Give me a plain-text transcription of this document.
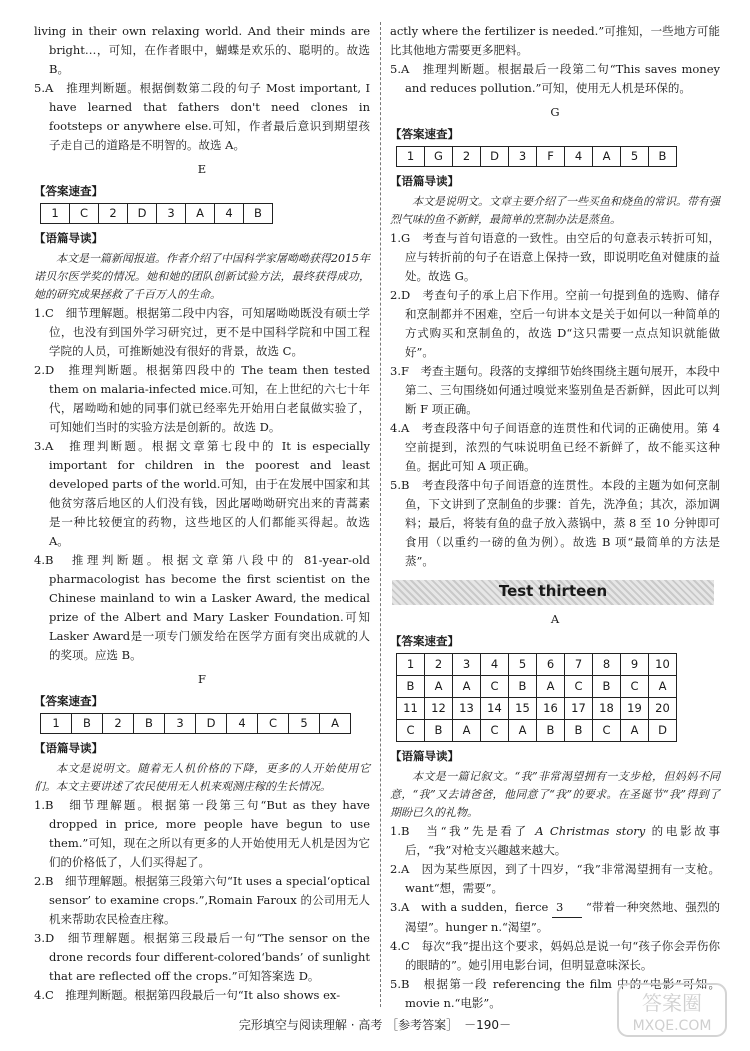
living in their own relaxing world. And their minds are bright…，可知，在作者眼中，蝴蝶是欢乐的、聪明的。故选 B。

5.A　推理判断题。根据倒数第二段的句子 Most important, I have learned that fathers don't need clones in footsteps or anywhere else.可知，作者最后意识到期望孩子走自己的道路是不明智的。故选 A。

E
【答案速查】
1	C	2	D	3	A	4	B
【语篇导读】

本文是一篇新闻报道。作者介绍了中国科学家屠呦呦获得2015年诺贝尔医学奖的情况。她和她的团队创新试验方法，最终获得成功，她的研究成果拯救了千百万人的生命。

1.C　细节理解题。根据第二段中内容，可知屠呦呦既没有硕士学位，也没有到国外学习研究过，更不是中国科学院和中国工程学院的人员，可推断她没有很好的背景，故选 C。

2.D　推理判断题。根据第四段中的 The team then tested them on malaria-infected mice.可知，在上世纪的六七十年代，屠呦呦和她的同事们就已经率先开始用白老鼠做实验了，可知她们当时的实验方法是创新的。故选 D。

3.A　推理判断题。根据文章第七段中的 It is especially important for children in the poorest and least developed parts of the world.可知，由于在发展中国家和其他贫穷落后地区的人们没有钱，因此屠呦呦研究出来的青蒿素是一种比较便宜的药物，这些地区的人们都能买得起。故选 A。

4.B　推理判断题。根据文章第八段中的 81-year-old pharmacologist has become the first scientist on the Chinese mainland to win a Lasker Award, the medical prize of the Albert and Mary Lasker Foundation.可知 Lasker Award是一项专门颁发给在医学方面有突出成就的人的奖项。应选 B。

F
【答案速查】
1	B	2	B	3	D	4	C	5	A
【语篇导读】

本文是说明文。随着无人机价格的下降，更多的人开始使用它们。本文主要讲述了农民使用无人机来观测庄稼的生长情况。

1.B　细节理解题。根据第一段第三句“But as they have dropped in price, more people have begun to use them.”可知，现在之所以有更多的人开始使用无人机是因为它们的价格低了，人们买得起了。

2.B　细节理解题。根据第三段第六句“It uses a special‘optical sensor’ to examine crops.”,Romain Faroux 的公司用无人机来帮助农民检查庄稼。

3.D　细节理解题。根据第三段最后一句“The sensor on the drone records four different-colored‘bands’ of sunlight that are reflected off the crops.”可知答案选 D。

4.C　推理判断题。根据第四段最后一句“It also shows ex-

actly where the fertilizer is needed.”可推知，一些地方可能比其他地方需要更多肥料。

5.A　推理判断题。根据最后一段第二句“This saves money and reduces pollution.”可知，使用无人机是环保的。

G
【答案速查】
1	G	2	D	3	F	4	A	5	B
【语篇导读】

本文是说明文。文章主要介绍了一些买鱼和烧鱼的常识。带有强烈气味的鱼不新鲜，最简单的烹制办法是蒸鱼。

1.G　考查与首句语意的一致性。由空后的句意表示转折可知，应与转折前的句子在语意上保持一致，即说明吃鱼对健康的益处。故选 G。

2.D　考查句子的承上启下作用。空前一句提到鱼的选购、储存和烹制都并不困难，空后一句讲本文是关于如何以一种简单的方式购买和烹制鱼的，故选 D“这只需要一点点知识就能做好”。

3.F　考查主题句。段落的支撑细节始终围绕主题句展开，本段中第二、三句围绕如何通过嗅觉来鉴别鱼是否新鲜，因此可以判断 F 项正确。

4.A　考查段落中句子间语意的连贯性和代词的正确使用。第 4 空前提到，浓烈的气味说明鱼已经不新鲜了，故不能买这种鱼。据此可知 A 项正确。

5.B　考查段落中句子间语意的连贯性。本段的主题为如何烹制鱼，下文讲到了烹制鱼的步骤：首先，洗净鱼；其次，添加调料；最后，将装有鱼的盘子放入蒸锅中，蒸 8 至 10 分钟即可食用（以重约一磅的鱼为例）。故选 B 项“最简单的方法是蒸”。

Test thirteen
A
【答案速查】
1	2	3	4	5	6	7	8	9	10
B	A	A	C	B	A	C	B	C	A
11	12	13	14	15	16	17	18	19	20
C	B	A	C	A	B	B	C	A	D
【语篇导读】

本文是一篇记叙文。“我”非常渴望拥有一支步枪，但妈妈不同意，“我”又去请爸爸，他同意了“我”的要求。在圣诞节“我”得到了期盼已久的礼物。

1.B　当“我”先是看了 A Christmas story 的电影故事后，“我”对枪支兴趣越来越大。

2.A　因为某些原因，到了十四岁，“我”非常渴望拥有一支枪。want“想，需要”。

3.A　with a sudden，fierce 3 “带着一种突然地、强烈的渴望”。hunger n.“渴望”。

4.C　每次“我”提出这个要求，妈妈总是说一句“孩子你会弄伤你的眼睛的”。她引用电影台词，但明显意味深长。

5.B　根据第一段 referencing the film 中的“电影”可知。movie n.“电影”。

完形填空与阅读理解 · 高考 ［参考答案］　－190－
答案圈
MXQE.COM
